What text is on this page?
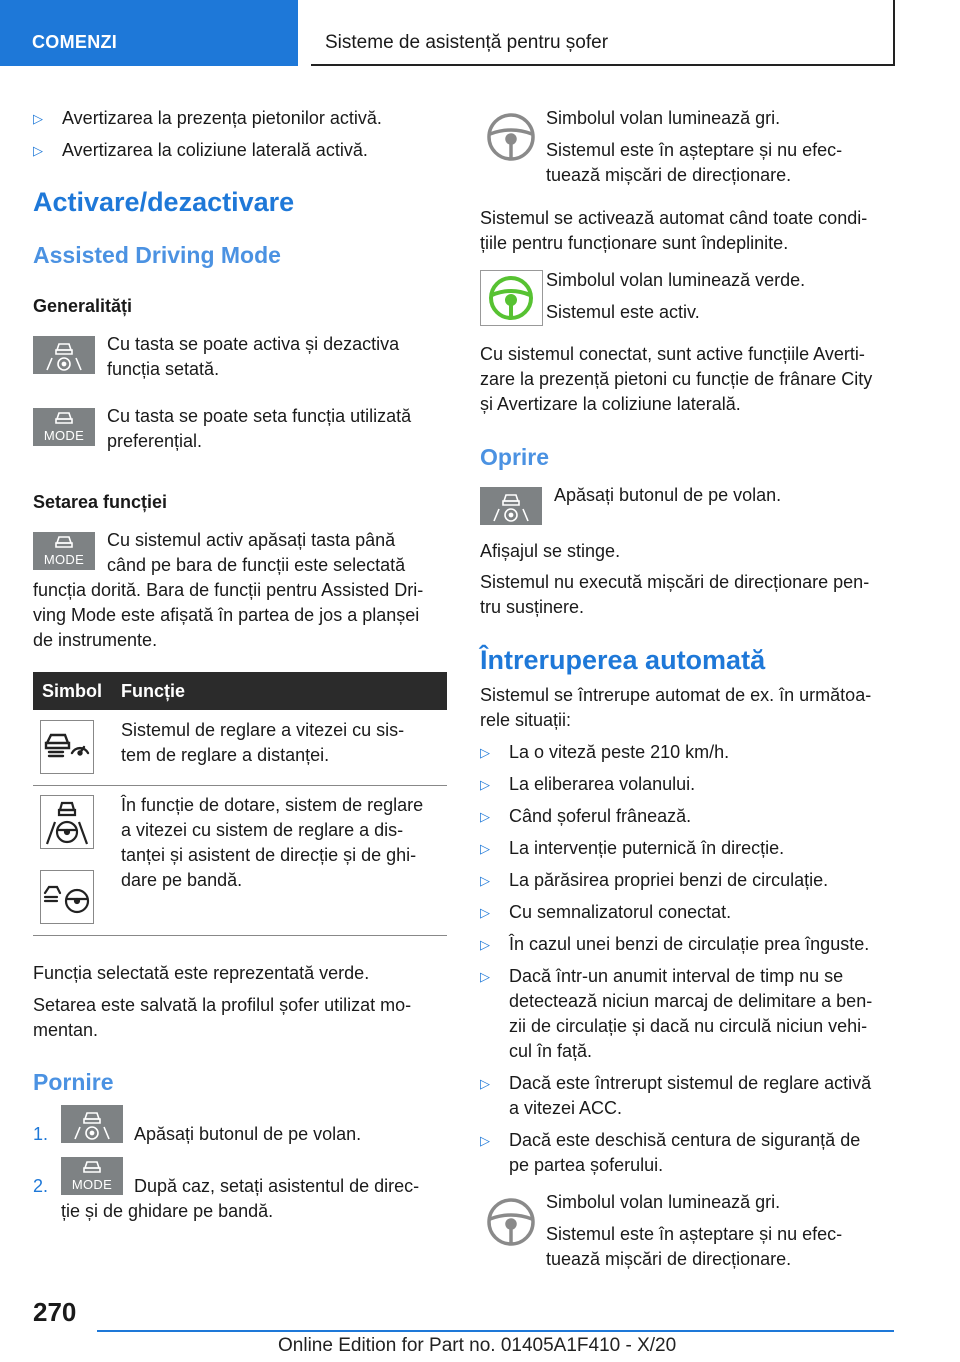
COMENZI	Sisteme de asistență pentru șofer
▷	Avertizarea la prezența pietonilor activă.
▷	Avertizarea la coliziune laterală activă.
Activare/dezactivare
Assisted Driving Mode
Generalități
Cu tasta se poate activa și dezactiva
funcția setată.
MODE
Cu tasta se poate seta funcția utilizată
preferențial.
Setarea funcției
MODE
Cu sistemul activ apăsați tasta până
când pe bara de funcții este selectată
funcția dorită. Bara de funcții pentru Assisted Dri‐
ving Mode este afișată în partea de jos a planșei
de instrumente.
Simbol Funcție
Sistemul de reglare a vitezei cu sis‐
tem de reglare a distanței.
În funcție de dotare, sistem de reglare
a vitezei cu sistem de reglare a dis‐
tanței și asistent de direcție și de ghi‐
dare pe bandă.
Funcția selectată este reprezentată verde.
Setarea este salvată la profilul șofer utilizat mo‐
mentan.
Pornire
1.	Apăsați butonul de pe volan.
2.	MODE	După caz, setați asistentul de direc‐
ție și de ghidare pe bandă.
Simbolul volan luminează gri.
Sistemul este în așteptare și nu efec‐
tuează mișcări de direcționare.
Sistemul se activează automat când toate condi‐
țiile pentru funcționare sunt îndeplinite.
Simbolul volan luminează verde.
Sistemul este activ.
Cu sistemul conectat, sunt active funcțiile Averti‐
zare la prezență pietoni cu funcție de frânare City
și Avertizare la coliziune laterală.
Oprire
Apăsați butonul de pe volan.
Afișajul se stinge.
Sistemul nu execută mișcări de direcționare pen‐
tru susținere.
Întreruperea automată
Sistemul se întrerupe automat de ex. în următoa‐
rele situații:
▷	La o viteză peste 210 km/h.
▷	La eliberarea volanului.
▷	Când șoferul frânează.
▷	La intervenție puternică în direcție.
▷	La părăsirea propriei benzi de circulație.
▷	Cu semnalizatorul conectat.
▷	În cazul unei benzi de circulație prea înguste.
▷	Dacă într-un anumit interval de timp nu se
detectează niciun marcaj de delimitare a ben‐
zii de circulație și dacă nu circulă niciun vehi‐
cul în față.
▷	Dacă este întrerupt sistemul de reglare activă
a vitezei ACC.
▷	Dacă este deschisă centura de siguranță de
pe partea șoferului.
Simbolul volan luminează gri.
Sistemul este în așteptare și nu efec‐
tuează mișcări de direcționare.
270
Online Edition for Part no. 01405A1F410 - X/20
